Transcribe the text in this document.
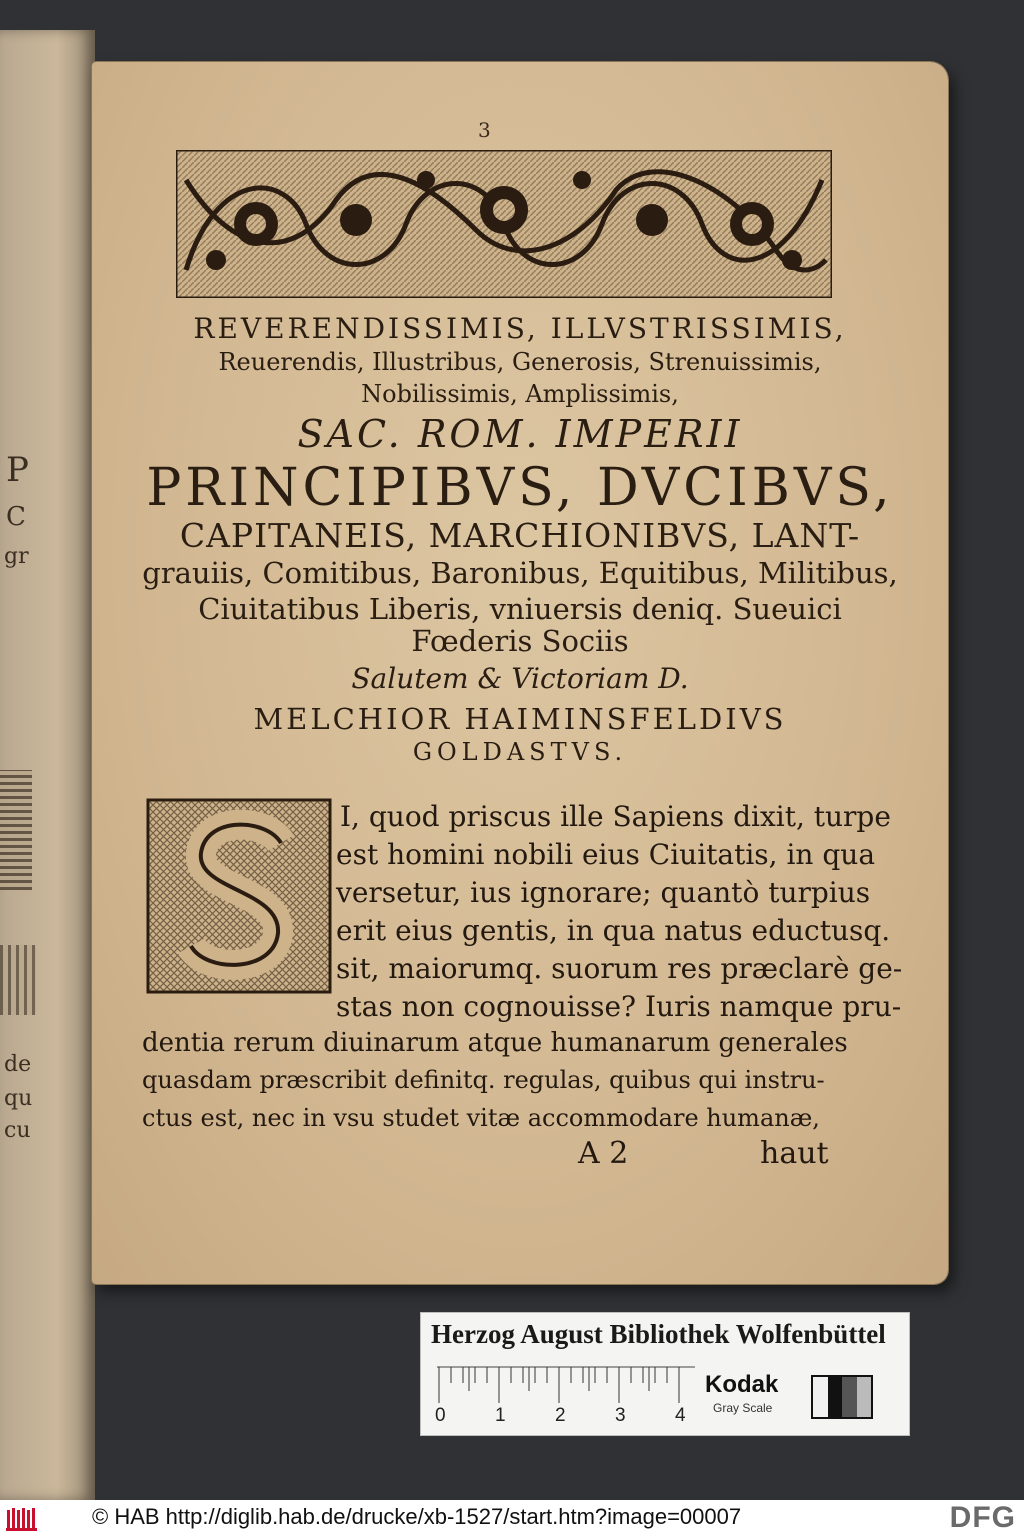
P
C
gr
de
qu
cu
3
REVERENDISSIMIS, ILLVSTRISSIMIS,
Reuerendis, Illustribus, Generosis, Strenuissimis,
Nobilissimis, Amplissimis,
SAC. ROM. IMPERII
PRINCIPIBVS, DVCIBVS,
CAPITANEIS, MARCHIONIBVS, LANT-
grauiis, Comitibus, Baronibus, Equitibus, Militibus,
Ciuitatibus Liberis, vniuersis deniq. Sueuici
Fœderis Sociis
Salutem & Victoriam D.
MELCHIOR HAIMINSFELDIVS
GOLDASTVS.
I, quod priscus ille Sapiens dixit, turpe
est homini nobili eius Ciuitatis, in qua
versetur, ius ignorare; quantò turpius
erit eius gentis, in qua natus eductusq.
sit, maiorumq. suorum res præclarè ge-
stas non cognouisse? Iuris namque pru-
dentia rerum diuinarum atque humanarum generales
quasdam præscribit definitq. regulas, quibus qui instru-
ctus est, nec in vsu studet vitæ accommodare humanæ,
A 2	haut
Herzog August Bibliothek Wolfenbüttel
0	1	2	3	4
Kodak
Gray Scale
© HAB http://diglib.hab.de/drucke/xb-1527/start.htm?image=00007	DFG
